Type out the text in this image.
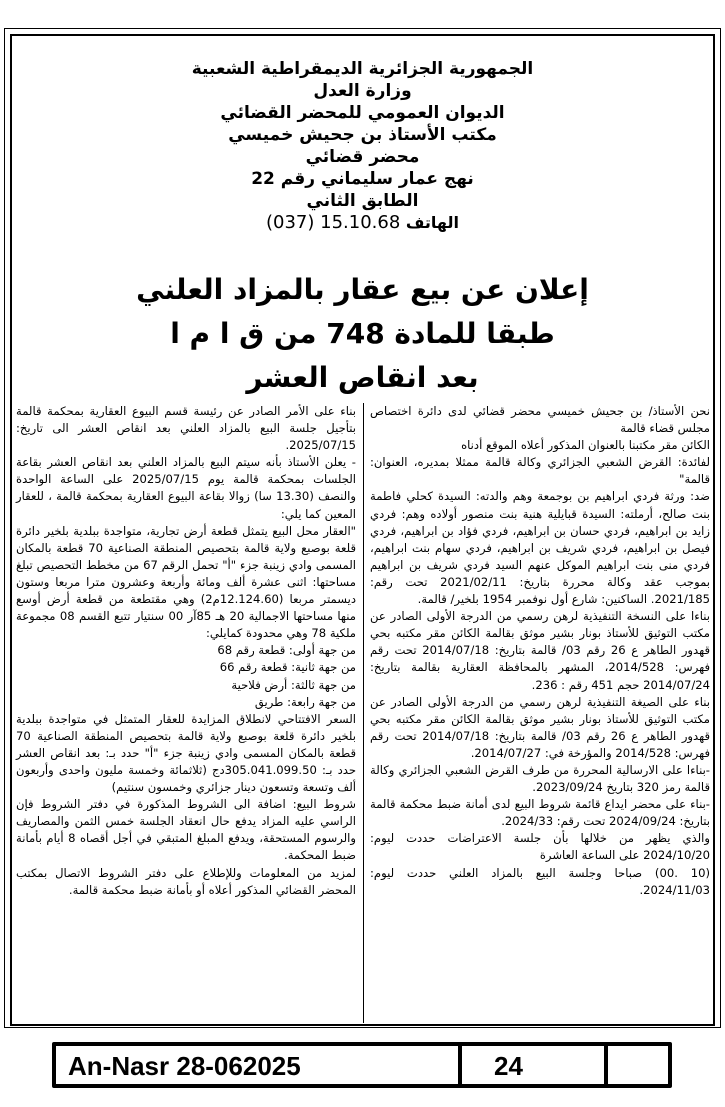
الجمهورية الجزائرية الديمقراطية الشعبية

وزارة العدل

الديوان العمومي للمحضر القضائي

مكتب الأستاذ بن جحيش خميسي

محضر قضائي

نهج عمار سليماني رقم 22

الطابق الثاني

الهاتف (037) 15.10.68

إعلان عن بيع عقار بالمزاد العلني

طبقا للمادة 748 من ق ا م ا

بعد انقاص العشر

نحن الأستاذ/ بن جحيش خميسي محضر قضائي لدى دائرة اختصاص مجلس قضاء قالمة

الكائن مقر مكتبنا بالعنوان المذكور أعلاه الموقع أدناه

لفائدة: القرض الشعبي الجزائري وكالة قالمة ممثلا بمديره، العنوان: قالمة"

ضد: ورثة فردي ابراهيم بن بوجمعة وهم والدته: السيدة كحلي فاطمة بنت صالح، أرملته: السيدة قبايلية هنية بنت منصور أولاده وهم: فردي زايد بن ابراهيم، فردي حسان بن ابراهيم، فردي فؤاد بن ابراهيم، فردي فيصل بن ابراهيم، فردي شريف بن ابراهيم، فردي سهام بنت ابراهيم، فردي منى بنت ابراهيم الموكل عنهم السيد فردي شريف بن ابراهيم بموجب عقد وكالة محررة بتاريخ: 2021/02/11 تحت رقم: 2021/185. الساكنين: شارع أول نوفمبر 1954 بلخير/ قالمة.

بناءا على النسخة التنفيذية لرهن رسمي من الدرجة الأولى الصادر عن مكتب التوثيق للأستاذ بونار بشير موثق بقالمة الكائن مقر مكتبه بحي قهدور الطاهر ع 26 رقم 03/ قالمة بتاريخ: 2014/07/18 تحت رقم فهرس: 2014/528، المشهر بالمحافظة العقارية بقالمة بتاريخ: 2014/07/24 حجم 451 رقم : 236.

بناء على الصيغة التنفيذية لرهن رسمي من الدرجة الأولى الصادر عن مكتب التوثيق للأستاذ بونار بشير موثق بقالمة الكائن مقر مكتبه بحي قهدور الطاهر ع 26 رقم 03/ قالمة بتاريخ: 2014/07/18 تحت رقم فهرس: 2014/528 والمؤرخة في: 2014/07/27.

-بناءا على الارسالية المحررة من طرف القرض الشعبي الجزائري وكالة قالمة رمز 320 بتاريخ 2023/09/24.

-بناء على محضر ايداع قائمة شروط البيع لدى أمانة ضبط محكمة قالمة بتاريخ: 2024/09/24 تحت رقم: 2024/33.

والذي يظهر من خلالها بأن جلسة الاعتراضات حددت ليوم: 2024/10/20 على الساعة العاشرة

(10 .00) صباحا وجلسة البيع بالمزاد العلني حددت ليوم: 2024/11/03.

بناء على الأمر الصادر عن رئيسة قسم البيوع العقارية بمحكمة قالمة بتأجيل جلسة البيع بالمزاد العلني بعد انقاص العشر الى تاريخ: 2025/07/15.

- يعلن الأستاذ بأنه سيتم البيع بالمزاد العلني بعد انقاص العشر بقاعة الجلسات بمحكمة قالمة يوم 2025/07/15 على الساعة الواحدة والنصف (13.30 سا) زوالا بقاعة البيوع العقارية بمحكمة قالمة ، للعقار المعين كما يلي:

"العقار محل البيع يتمثل قطعة أرض تجارية، متواجدة ببلدية بلخير دائرة قلعة بوصبع ولاية قالمة بتحصيص المنطقة الصناعية 70 قطعة بالمكان المسمى وادي زينبة جزء "أ" تحمل الرقم 67 من مخطط التحصيص تبلغ مساحتها: اثنى عشرة ألف ومائة وأربعة وعشرون مترا مربعا وستون ديسمتر مربعا (12.124.60م2) وهي مقتطعة من قطعة أرض أوسع منها مساحتها الاجمالية 20 هـ 85آر 00 سنتيار تتبع القسم 08 مجموعة ملكية 78 وهي محدودة كمايلي:

من جهة أولى: قطعة رقم 68

من جهة ثانية: قطعة رقم 66

من جهة ثالثة: أرض فلاحية

من جهة رابعة: طريق

السعر الافتتاحي لانطلاق المزايدة للعقار المتمثل في متواجدة ببلدية بلخير دائرة قلعة بوصبع ولاية قالمة بتحصيص المنطقة الصناعية 70 قطعة بالمكان المسمى وادي زينبة جزء "أ" حدد بـ: بعد انقاص العشر حدد بـ: 305.041.099.50دج (ثلاثمائة وخمسة مليون واحدى وأربعون ألف وتسعة وتسعون دينار جزائري وخمسون سنتيم)

شروط البيع: اضافة الى الشروط المذكورة في دفتر الشروط فإن الراسي عليه المزاد يدفع حال انعقاد الجلسة خمس الثمن والمصاريف والرسوم المستحقة، ويدفع المبلغ المتبقي في أجل أقصاه 8 أيام بأمانة ضبط المحكمة.

لمزيد من المعلومات وللإطلاع على دفتر الشروط الاتصال بمكتب المحضر القضائي المذكور أعلاه أو بأمانة ضبط محكمة قالمة.

An-Nasr 28-062025	24
